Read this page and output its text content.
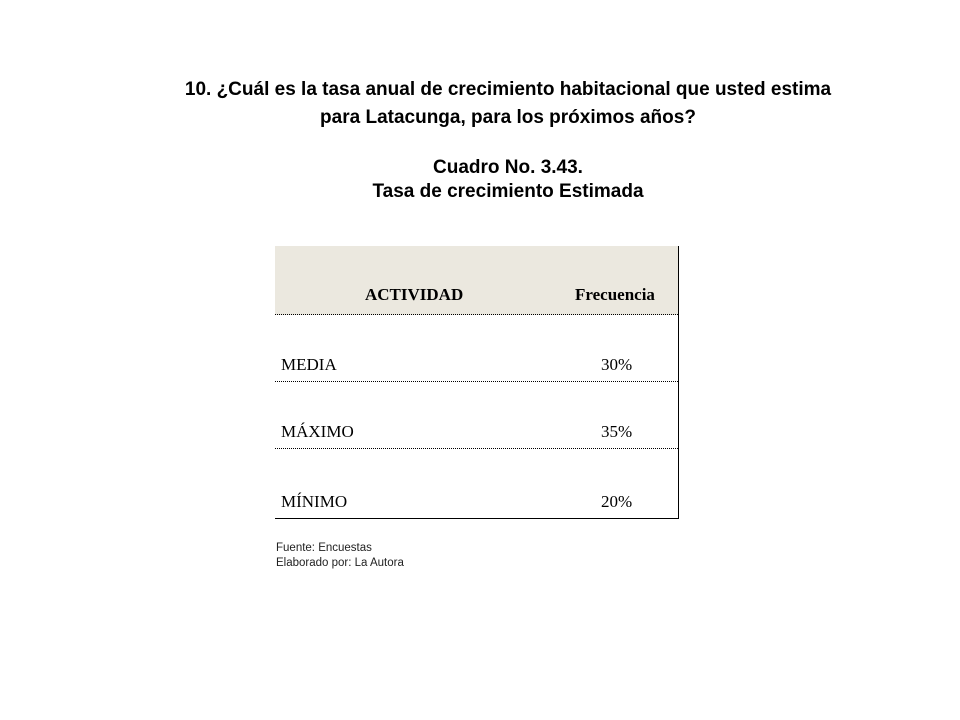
10. ¿Cuál es la tasa anual de crecimiento habitacional que usted estima
para Latacunga, para los próximos años?

Cuadro No. 3.43.
Tasa de crecimiento Estimada
ACTIVIDAD	Frecuencia
MEDIA	30%
MÁXIMO	35%
MÍNIMO	20%
Fuente: Encuestas
Elaborado por: La Autora
